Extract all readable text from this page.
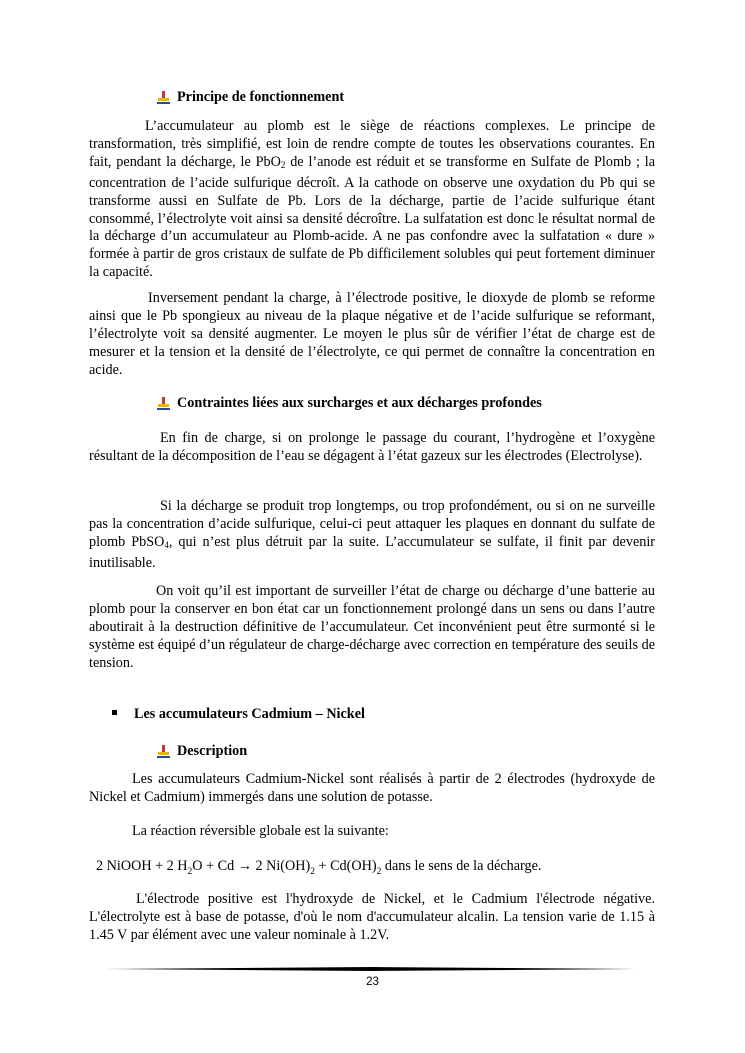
Principe de fonctionnement

L’accumulateur au plomb est le siège de réactions complexes. Le principe de transformation, très simplifié, est loin de rendre compte de toutes les observations courantes. En fait, pendant la décharge, le PbO$_2$ de l’anode est réduit et se transforme en Sulfate de Plomb ; la concentration de l’acide sulfurique décroît. A la cathode on observe une oxydation du Pb qui se transforme aussi en Sulfate de Pb. Lors de la décharge, partie de l’acide sulfurique étant consommé, l’électrolyte voit ainsi sa densité décroître. La sulfatation est donc le résultat normal de la décharge d’un accumulateur au Plomb-acide. A ne pas confondre avec la sulfatation « dure » formée à partir de gros cristaux de sulfate de Pb difficilement solubles qui peut fortement diminuer la capacité.

Inversement pendant la charge, à l’électrode positive, le dioxyde de plomb se reforme ainsi que le Pb spongieux au niveau de la plaque négative et de l’acide sulfurique se reformant, l’électrolyte voit sa densité augmenter. Le moyen le plus sûr de vérifier l’état de charge est de mesurer et la tension et la densité de l’électrolyte, ce qui permet de connaître la concentration en acide.

Contraintes liées aux surcharges et aux décharges profondes

En fin de charge, si on prolonge le passage du courant, l’hydrogène et l’oxygène résultant de la décomposition de l’eau se dégagent à l’état gazeux sur les électrodes (Electrolyse).

Si la décharge se produit trop longtemps, ou trop profondément, ou si on ne surveille pas la concentration d’acide sulfurique, celui-ci peut attaquer les plaques en donnant du sulfate de plomb PbSO$_4$, qui n’est plus détruit par la suite. L’accumulateur se sulfate, il finit par devenir inutilisable.

On voit qu’il est important de surveiller l’état de charge ou décharge d’une batterie au plomb pour la conserver en bon état car un fonctionnement prolongé dans un sens ou dans l’autre aboutirait à la destruction définitive de l’accumulateur. Cet inconvénient peut être surmonté si le système est équipé d’un régulateur de charge-décharge avec correction en température des seuils de tension.

Les accumulateurs Cadmium – Nickel
Description

Les accumulateurs Cadmium-Nickel sont réalisés à partir de 2 électrodes (hydroxyde de Nickel et Cadmium) immergés dans une solution de potasse.

La réaction réversible globale est la suivante:

2 NiOOH + 2 $H_2O + Cd \to 2$ $Ni(OH)_2 + Cd(OH)_2$ dans le sens de la décharge.

L'électrode positive est l'hydroxyde de Nickel, et le Cadmium l'électrode négative. L'électrolyte est à base de potasse, d'où le nom d'accumulateur alcalin. La tension varie de 1.15 à 1.45 V par élément avec une valeur nominale à 1.2V.

23
